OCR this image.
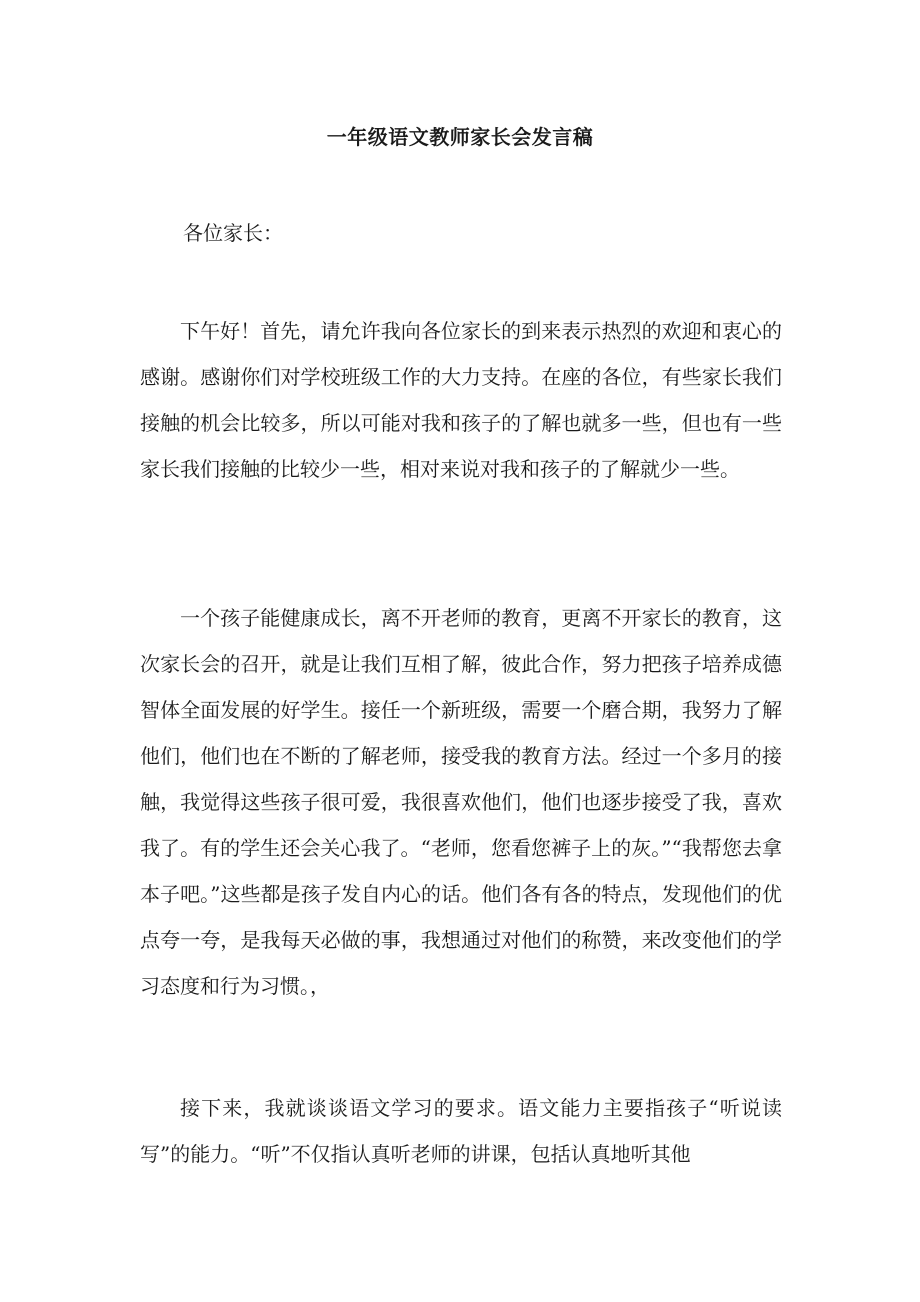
一年级语文教师家长会发言稿
各位家长：

下午好！首先，请允许我向各位家长的到来表示热烈的欢迎和衷心的感谢。感谢你们对学校班级工作的大力支持。在座的各位，有些家长我们接触的机会比较多，所以可能对我和孩子的了解也就多一些，但也有一些家长我们接触的比较少一些，相对来说对我和孩子的了解就少一些。

一个孩子能健康成长，离不开老师的教育，更离不开家长的教育，这次家长会的召开，就是让我们互相了解，彼此合作，努力把孩子培养成德智体全面发展的好学生。接任一个新班级，需要一个磨合期，我努力了解他们，他们也在不断的了解老师，接受我的教育方法。经过一个多月的接触，我觉得这些孩子很可爱，我很喜欢他们，他们也逐步接受了我，喜欢我了。有的学生还会关心我了。“老师，您看您裤子上的灰。”“我帮您去拿本子吧。”这些都是孩子发自内心的话。他们各有各的特点，发现他们的优点夸一夸，是我每天必做的事，我想通过对他们的称赞，来改变他们的学习态度和行为习惯。，

接下来，我就谈谈语文学习的要求。语文能力主要指孩子“听说读写”的能力。“听”不仅指认真听老师的讲课，包括认真地听其他
